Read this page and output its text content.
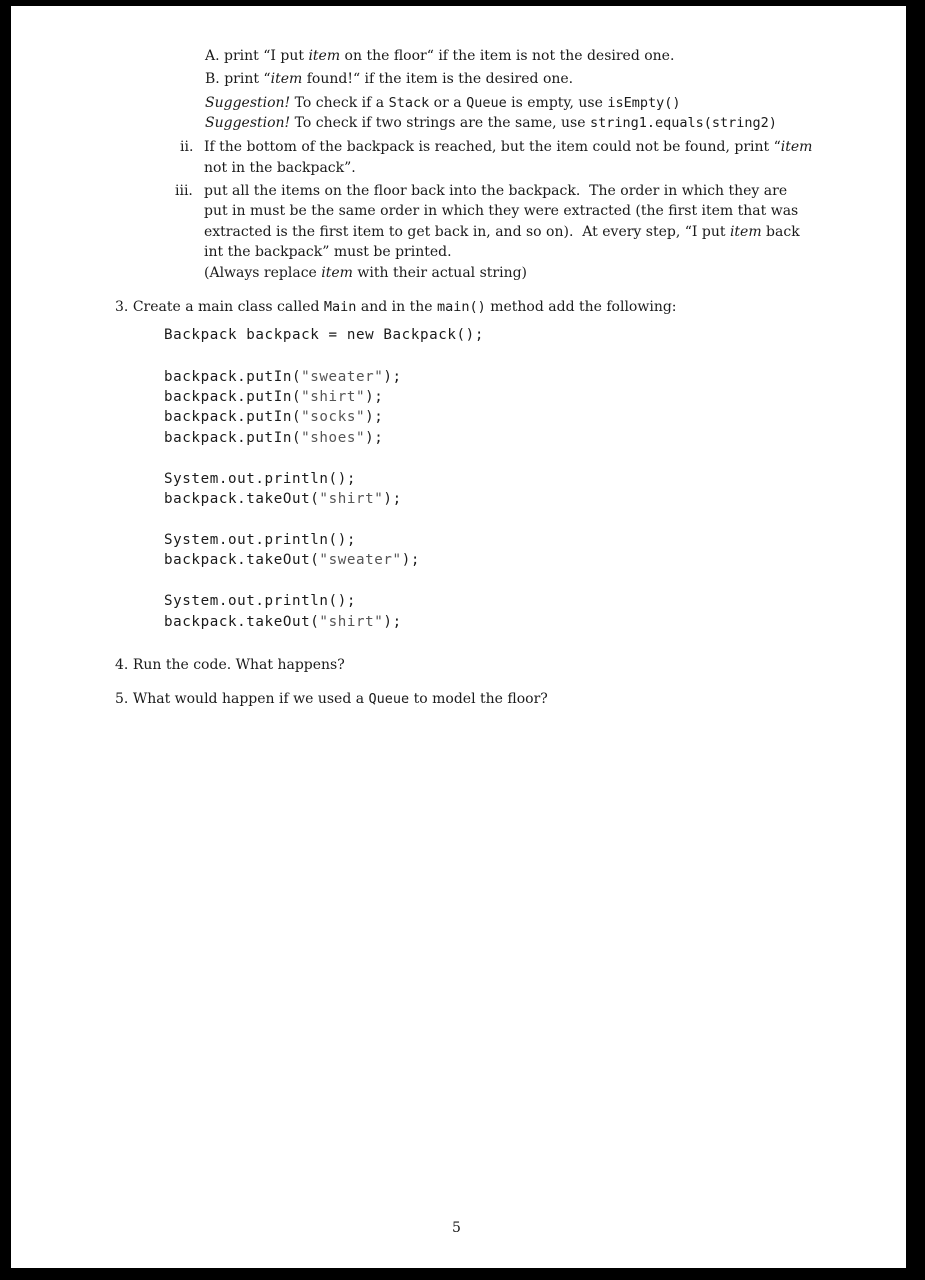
A. print “I put item on the floor“ if the item is not the desired one.
B. print “item found!“ if the item is the desired one.
Suggestion! To check if a Stack or a Queue is empty, use isEmpty()
Suggestion! To check if two strings are the same, use string1.equals(string2)
ii. If the bottom of the backpack is reached, but the item could not be found, print “item
not in the backpack”.
iii. put all the items on the floor back into the backpack.  The order in which they are
put in must be the same order in which they were extracted (the first item that was
extracted is the first item to get back in, and so on).  At every step, “I put item back
int the backpack” must be printed.
(Always replace item with their actual string)
3. Create a main class called Main and in the main() method add the following:
Backpack backpack = new Backpack();
backpack.putIn("sweater");
backpack.putIn("shirt");
backpack.putIn("socks");
backpack.putIn("shoes");
System.out.println();
backpack.takeOut("shirt");
System.out.println();
backpack.takeOut("sweater");
System.out.println();
backpack.takeOut("shirt");
4. Run the code. What happens?
5. What would happen if we used a Queue to model the floor?
5
